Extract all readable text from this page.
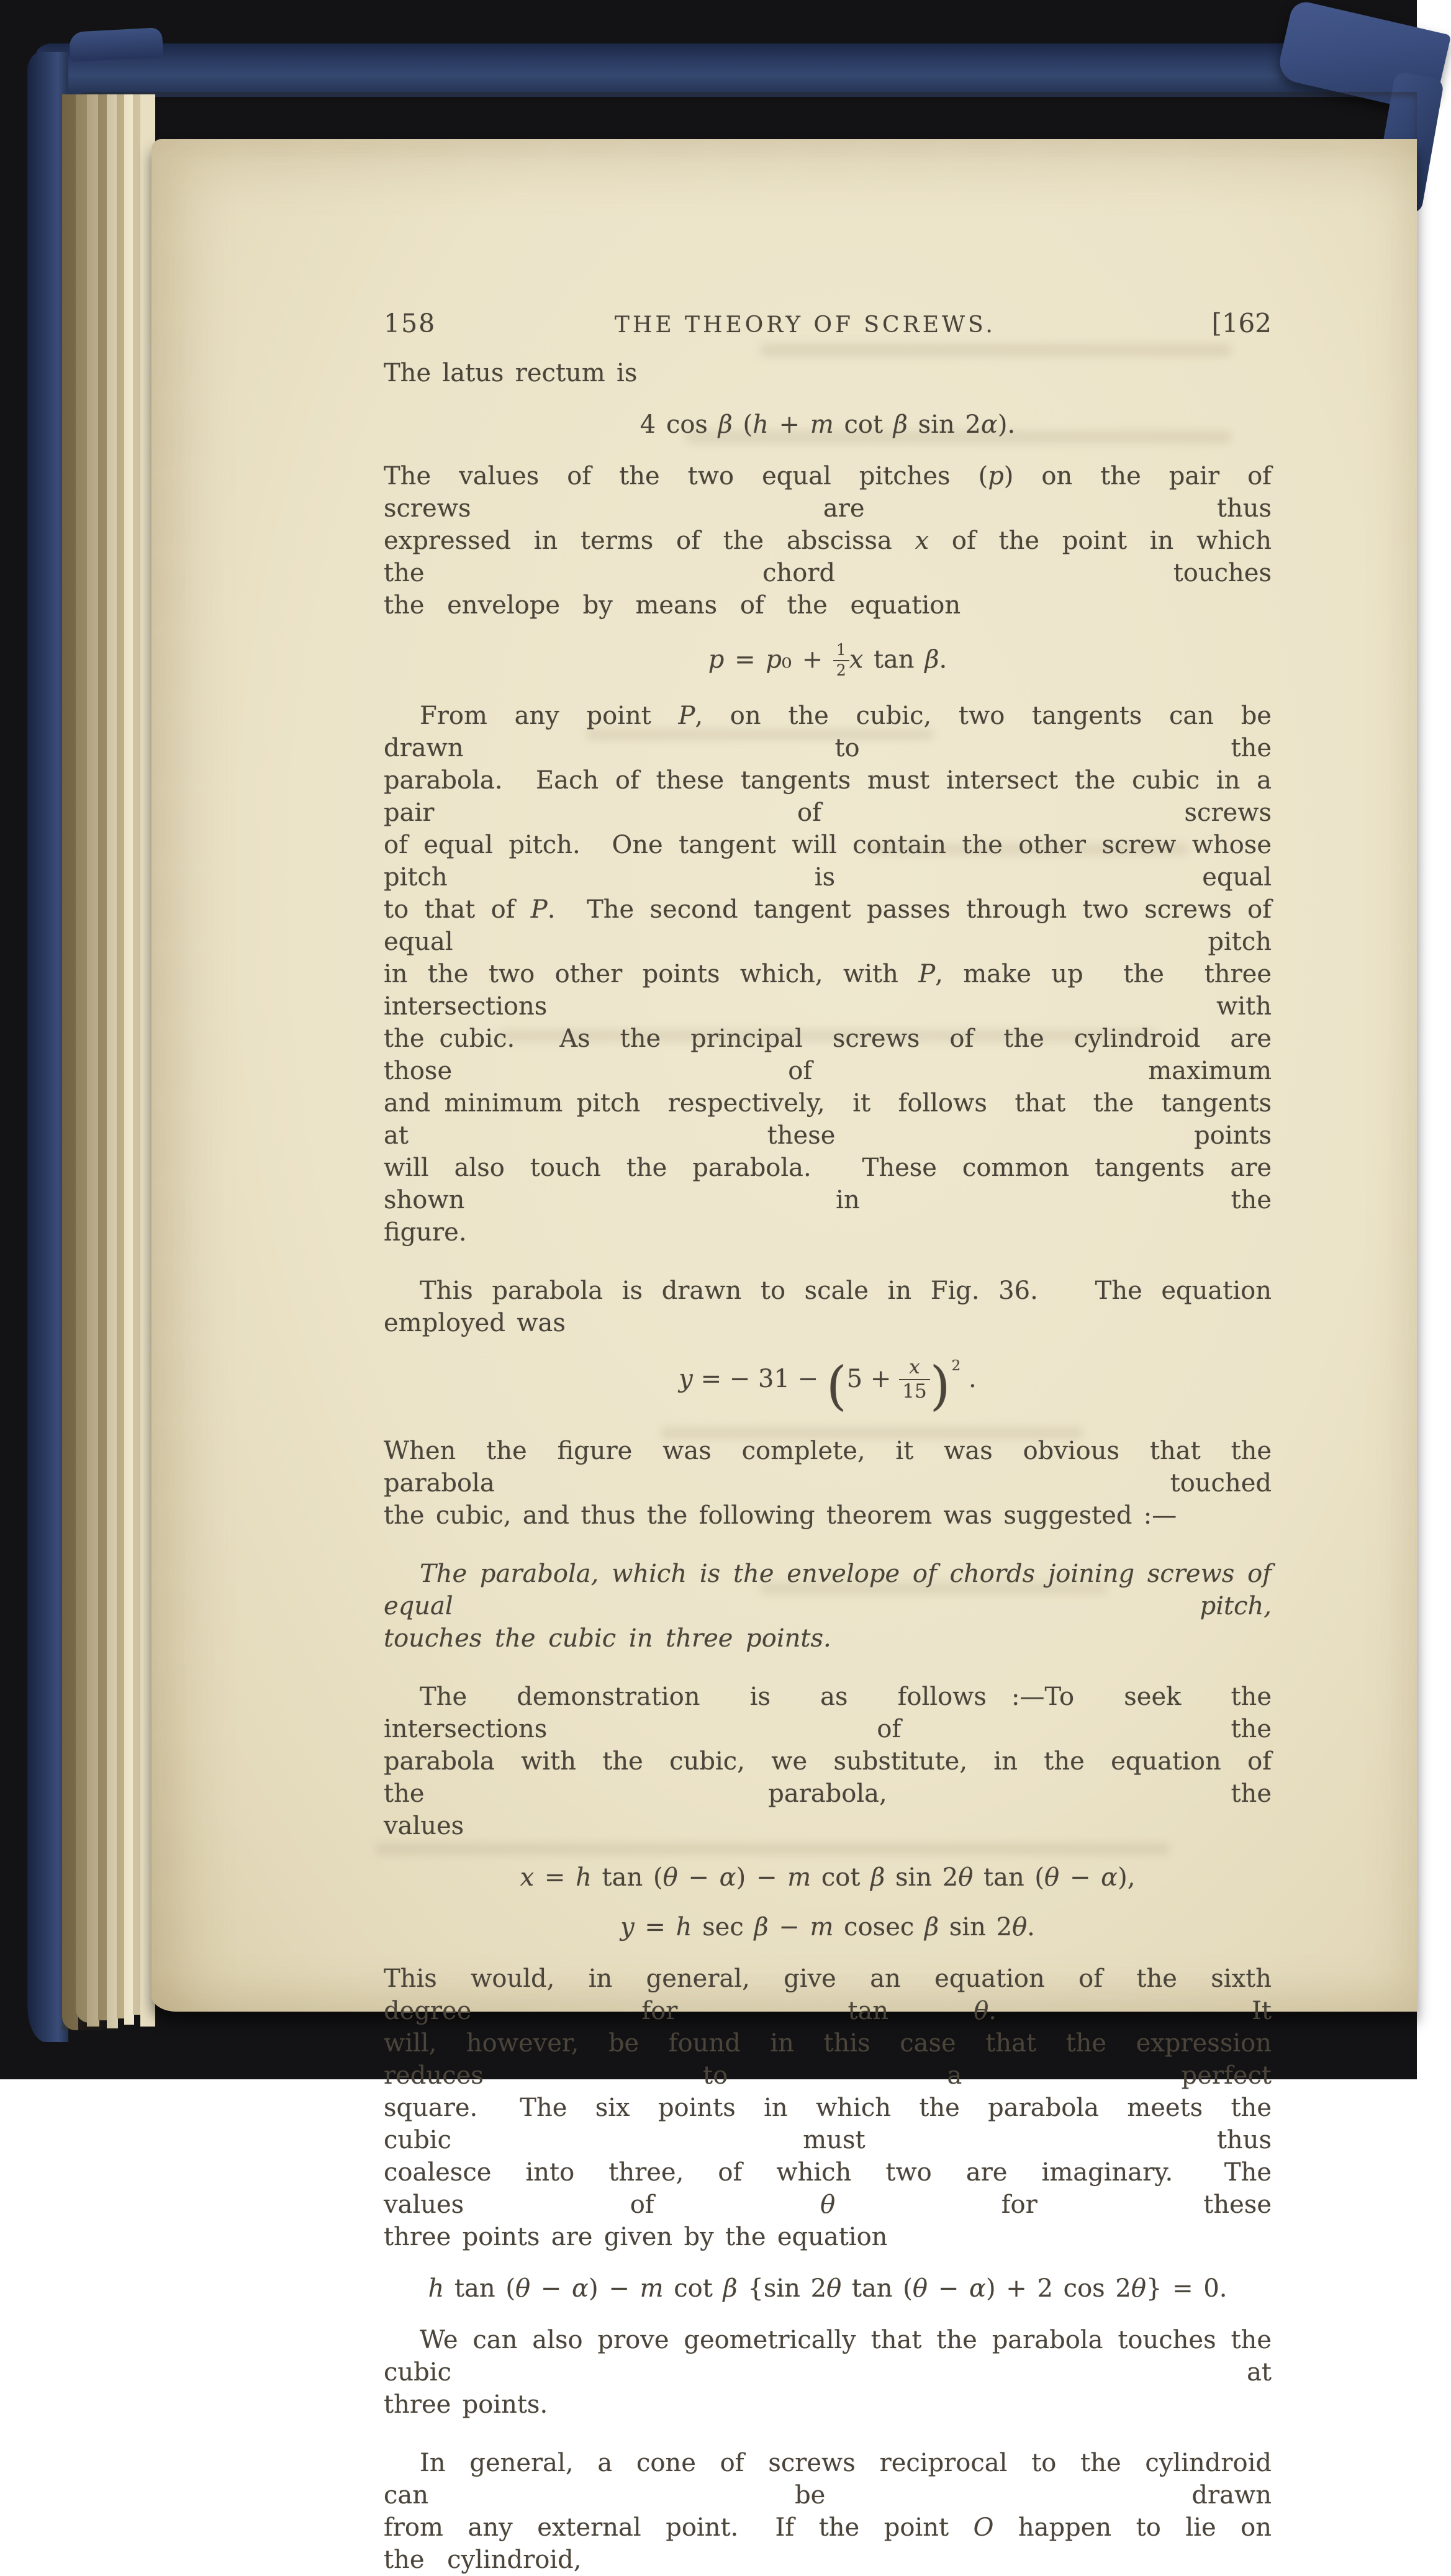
158	THE THEORY OF SCREWS.	[162
The latus rectum is
4 cos β (h + m cot β sin 2α).
The  values  of  the  two  equal  pitches  (p)  on  the  pair  of  screws  are  thus
expressed  in  terms  of  the  abscissa  x  of  the  point  in  which  the  chord  touches
the  envelope  by  means  of  the  equation
$p = p_0 + \frac{1}{2}$ x tan β.
From  any  point  P,  on  the  cubic,  two  tangents  can  be  drawn  to  the
parabola.  Each of these tangents must intersect the cubic in a pair of screws
of equal pitch.  One tangent will contain the other screw whose pitch is equal
to that of P.  The second tangent passes through two screws of  equal  pitch
in the two other points which, with P, make up  the  three  intersections  with
the cubic.   As  the  principal  screws  of  the  cylindroid  are  those  of  maximum
and minimum pitch  respectively,  it  follows  that  the  tangents  at  these  points
will  also  touch  the  parabola.    These  common  tangents  are  shown  in  the
figure.
This parabola is drawn to scale in Fig. 36.   The equation employed was
y = − $31 - (5 + \frac{x}{15} )^2$ .
When  the  figure  was  complete,  it  was  obvious  that  the  parabola  touched
the cubic, and thus the following theorem was suggested :—
The parabola, which is the envelope of chords joining screws of equal pitch,
touches the cubic in three points.
The  demonstration  is  as  follows :—To  seek  the  intersections  of  the
parabola  with  the  cubic,  we  substitute,  in  the  equation  of  the  parabola,  the
values
x = h tan (θ − α) − m cot β sin 2θ tan (θ − α),
y = h sec β − m cosec β sin 2θ.
This  would,  in  general,  give  an  equation  of  the  sixth  degree  for  tan θ.   It
will,  however,  be  found  in  this  case  that  the  expression  reduces  to  a  perfect
square.   The  six  points  in  which  the  parabola  meets  the  cubic  must  thus
coalesce  into  three,  of  which  two  are  imaginary.   The  values  of  θ  for  these
three points are given by the equation
h tan (θ − α) − m cot β {sin 2θ tan (θ − α) + 2 cos 2θ} = 0.
We can also prove geometrically that the parabola touches the cubic at
three points.
In  general,  a  cone  of  screws  reciprocal  to  the  cylindroid  can  be  drawn
from  any  external  point.   If  the  point  O  happen  to  lie  on  the  cylindroid,
